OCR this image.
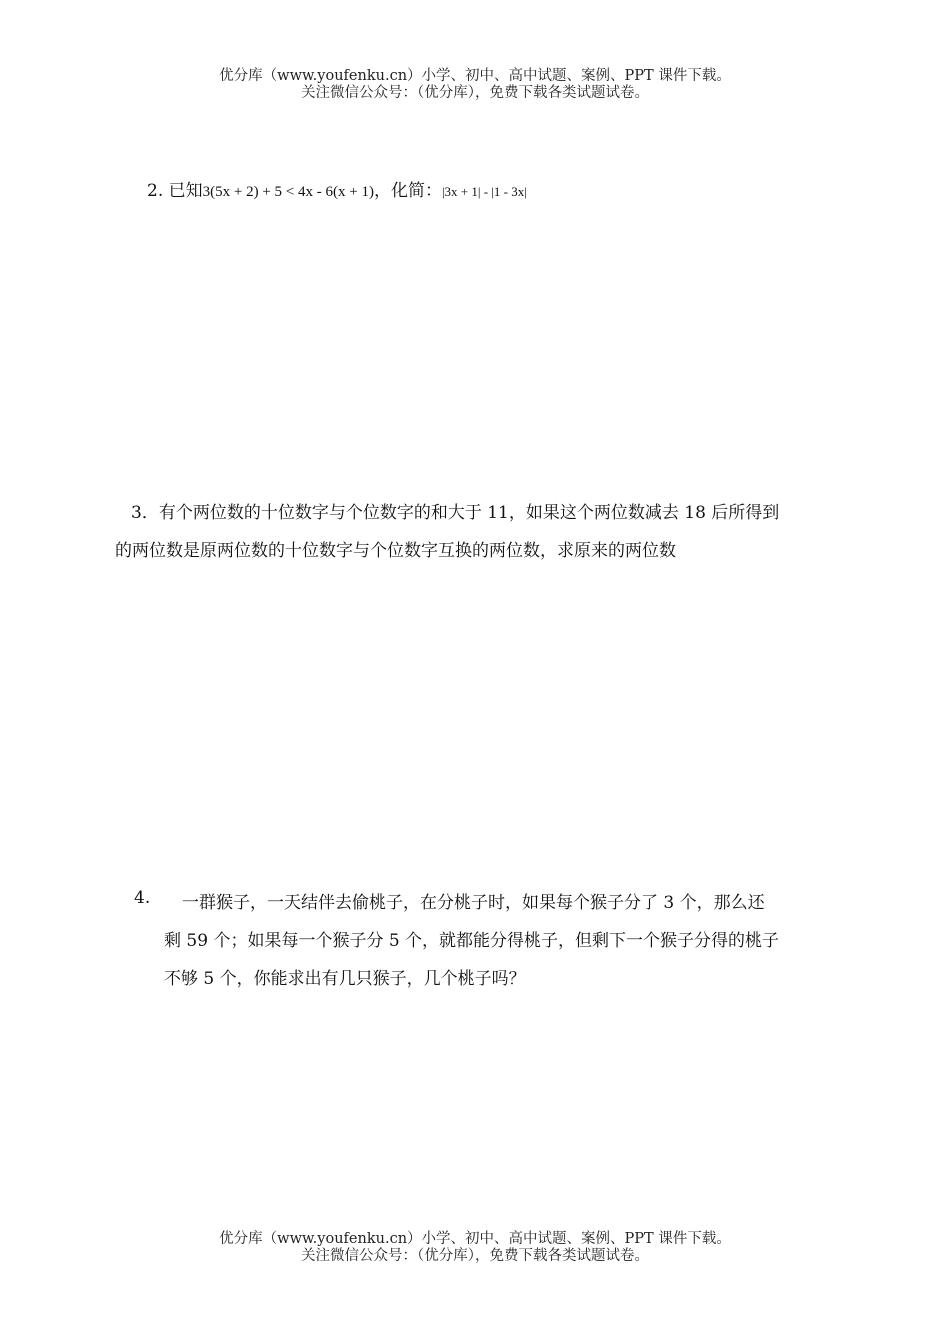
优分库（www.youfenku.cn）小学、初中、高中试题、案例、PPT 课件下载。
关注微信公众号：（优分库），免费下载各类试题试卷。
2. 已知3(5x + 2) + 5 < 4x - 6(x + 1)，化简：|3x + 1| - |1 - 3x|
3．有个两位数的十位数字与个位数字的和大于 11，如果这个两位数减去 18 后所得到
的两位数是原两位数的十位数字与个位数字互换的两位数，求原来的两位数
4. 一群猴子，一天结伴去偷桃子，在分桃子时，如果每个猴子分了 3 个，那么还
剩 59 个；如果每一个猴子分 5 个，就都能分得桃子，但剩下一个猴子分得的桃子
不够 5 个，你能求出有几只猴子，几个桃子吗？
优分库（www.youfenku.cn）小学、初中、高中试题、案例、PPT 课件下载。
关注微信公众号：（优分库），免费下载各类试题试卷。
